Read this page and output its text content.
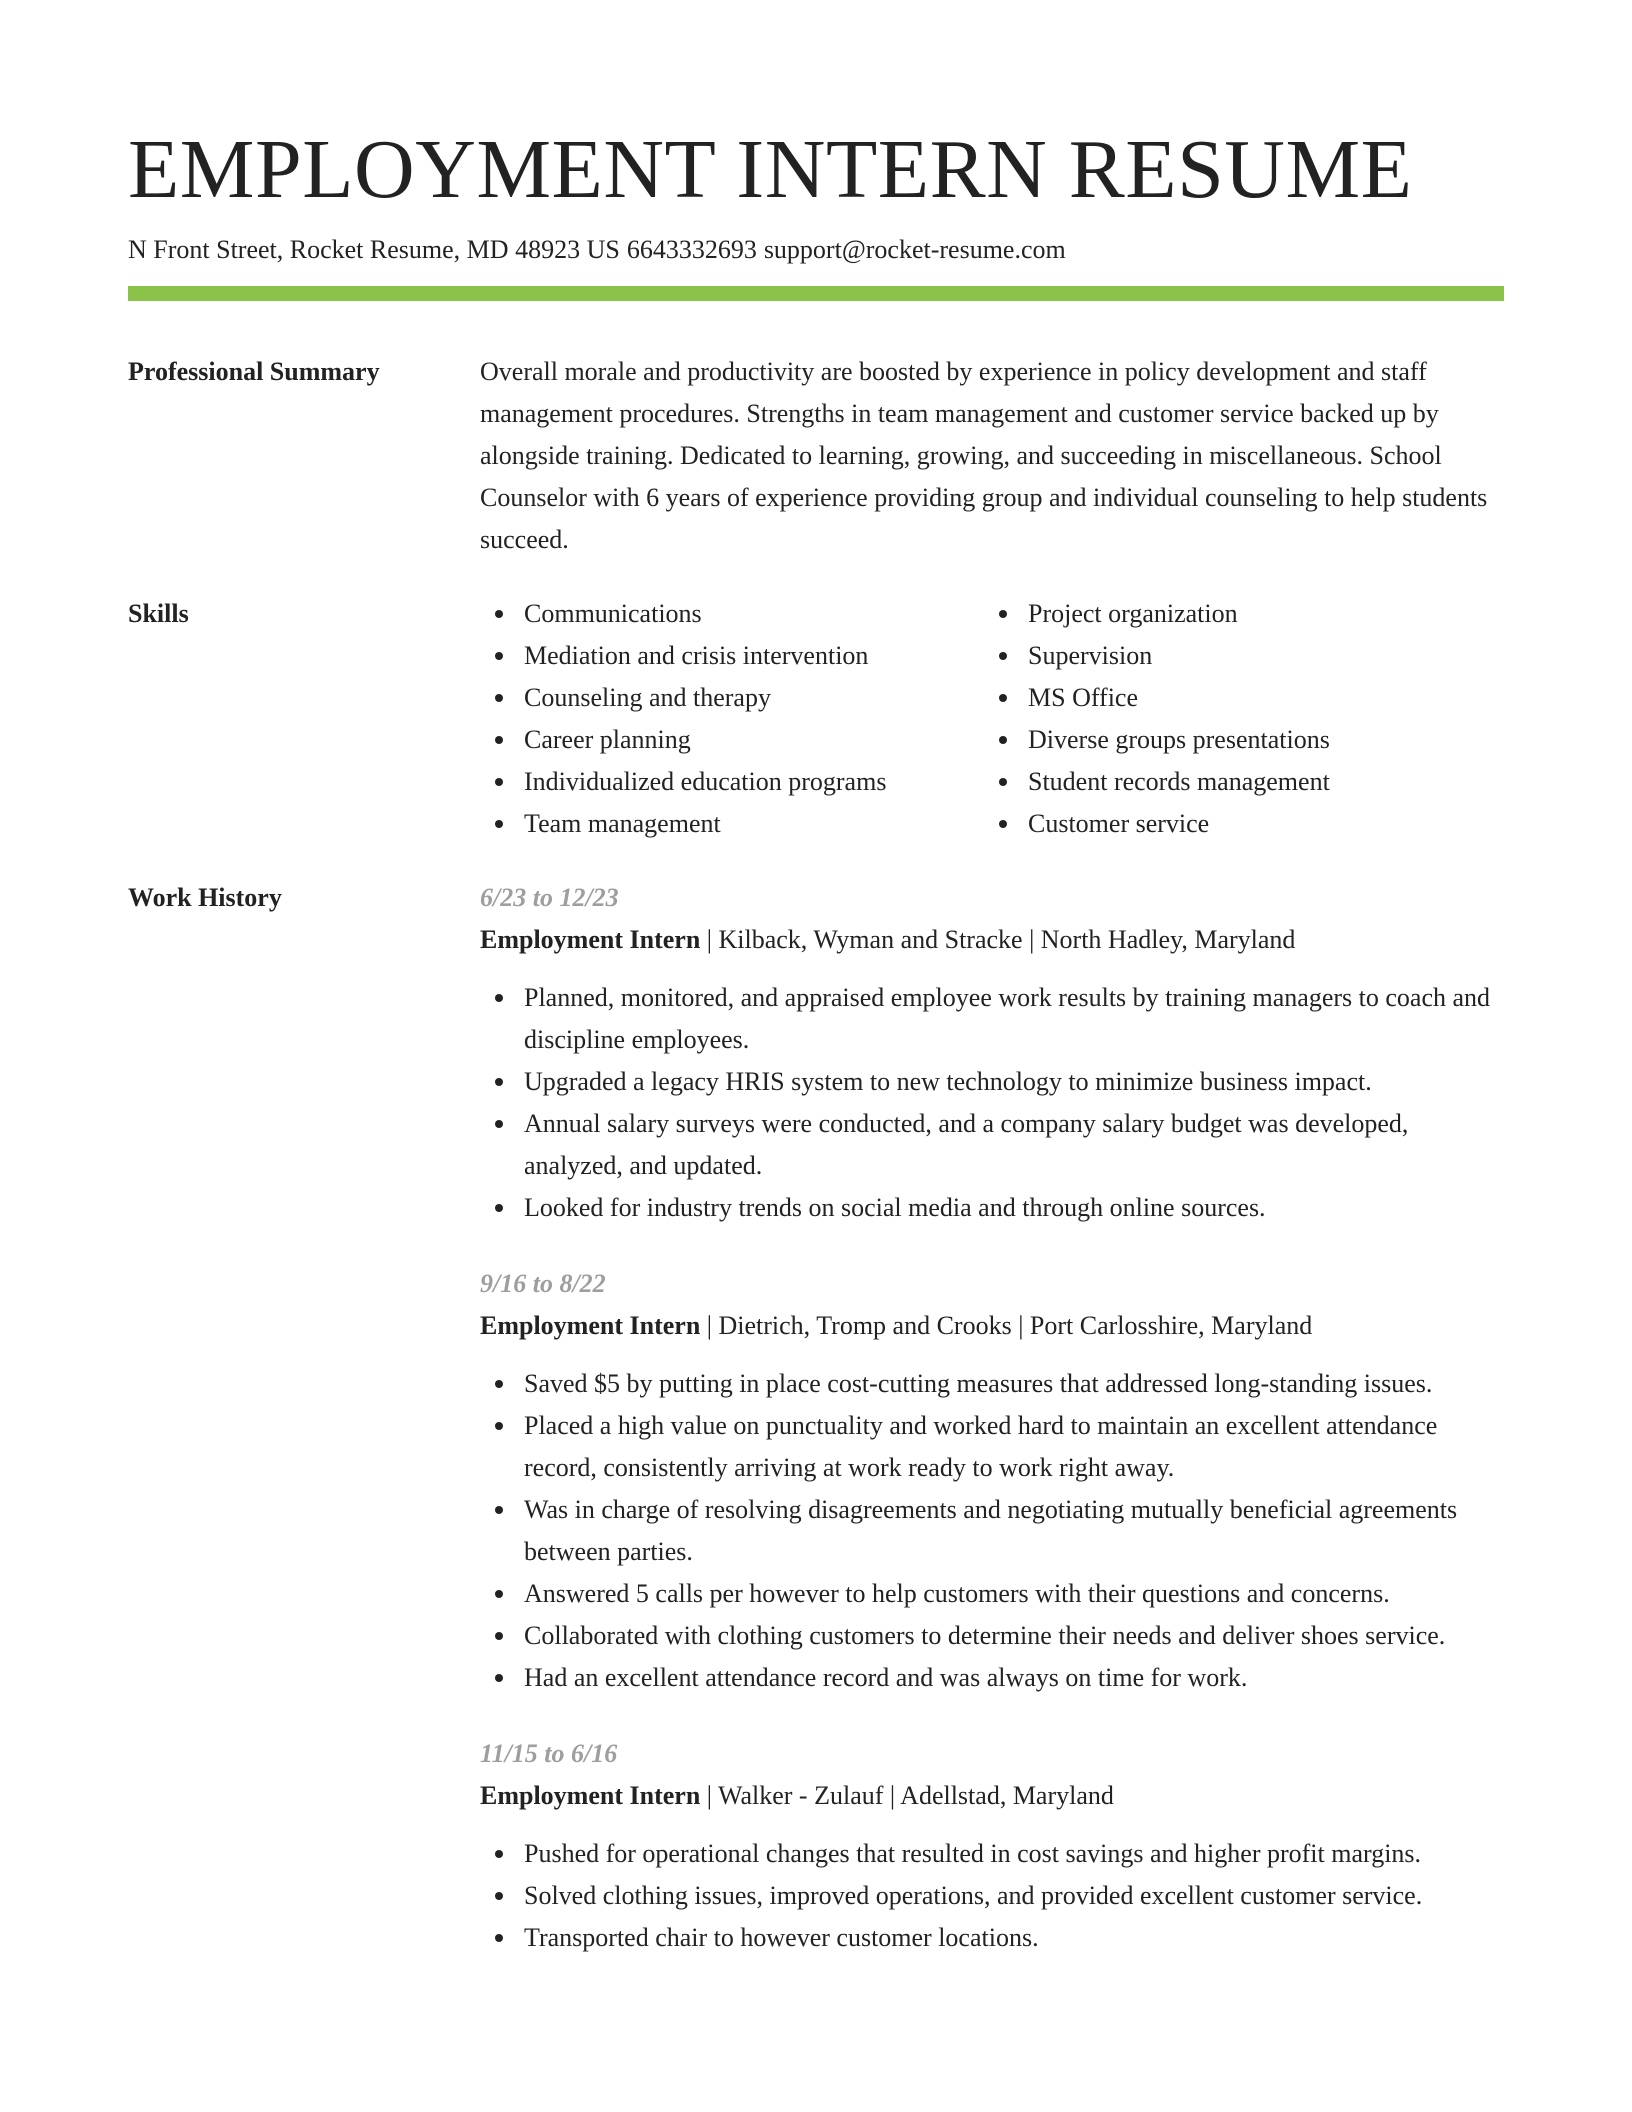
EMPLOYMENT INTERN RESUME
N Front Street, Rocket Resume, MD 48923 US 6643332693 support@rocket-resume.com
Professional Summary	Overall morale and productivity are boosted by experience in policy development and staff management procedures. Strengths in team management and customer service backed up by alongside training. Dedicated to learning, growing, and succeeding in miscellaneous. School Counselor with 6 years of experience providing group and individual counseling to help students succeed.
Skills	Communications
Mediation and crisis intervention
Counseling and therapy
Career planning
Individualized education programs
Team management
Project organization
Supervision
MS Office
Diverse groups presentations
Student records management
Customer service
Work History	6/23 to 12/23
Employment Intern | Kilback, Wyman and Stracke | North Hadley, Maryland
Planned, monitored, and appraised employee work results by training managers to coach and discipline employees.
Upgraded a legacy HRIS system to new technology to minimize business impact.
Annual salary surveys were conducted, and a company salary budget was developed, analyzed, and updated.
Looked for industry trends on social media and through online sources.
9/16 to 8/22
Employment Intern | Dietrich, Tromp and Crooks | Port Carlosshire, Maryland
Saved $5 by putting in place cost-cutting measures that addressed long-standing issues.
Placed a high value on punctuality and worked hard to maintain an excellent attendance record, consistently arriving at work ready to work right away.
Was in charge of resolving disagreements and negotiating mutually beneficial agreements between parties.
Answered 5 calls per however to help customers with their questions and concerns.
Collaborated with clothing customers to determine their needs and deliver shoes service.
Had an excellent attendance record and was always on time for work.
11/15 to 6/16
Employment Intern | Walker - Zulauf | Adellstad, Maryland
Pushed for operational changes that resulted in cost savings and higher profit margins.
Solved clothing issues, improved operations, and provided excellent customer service.
Transported chair to however customer locations.
